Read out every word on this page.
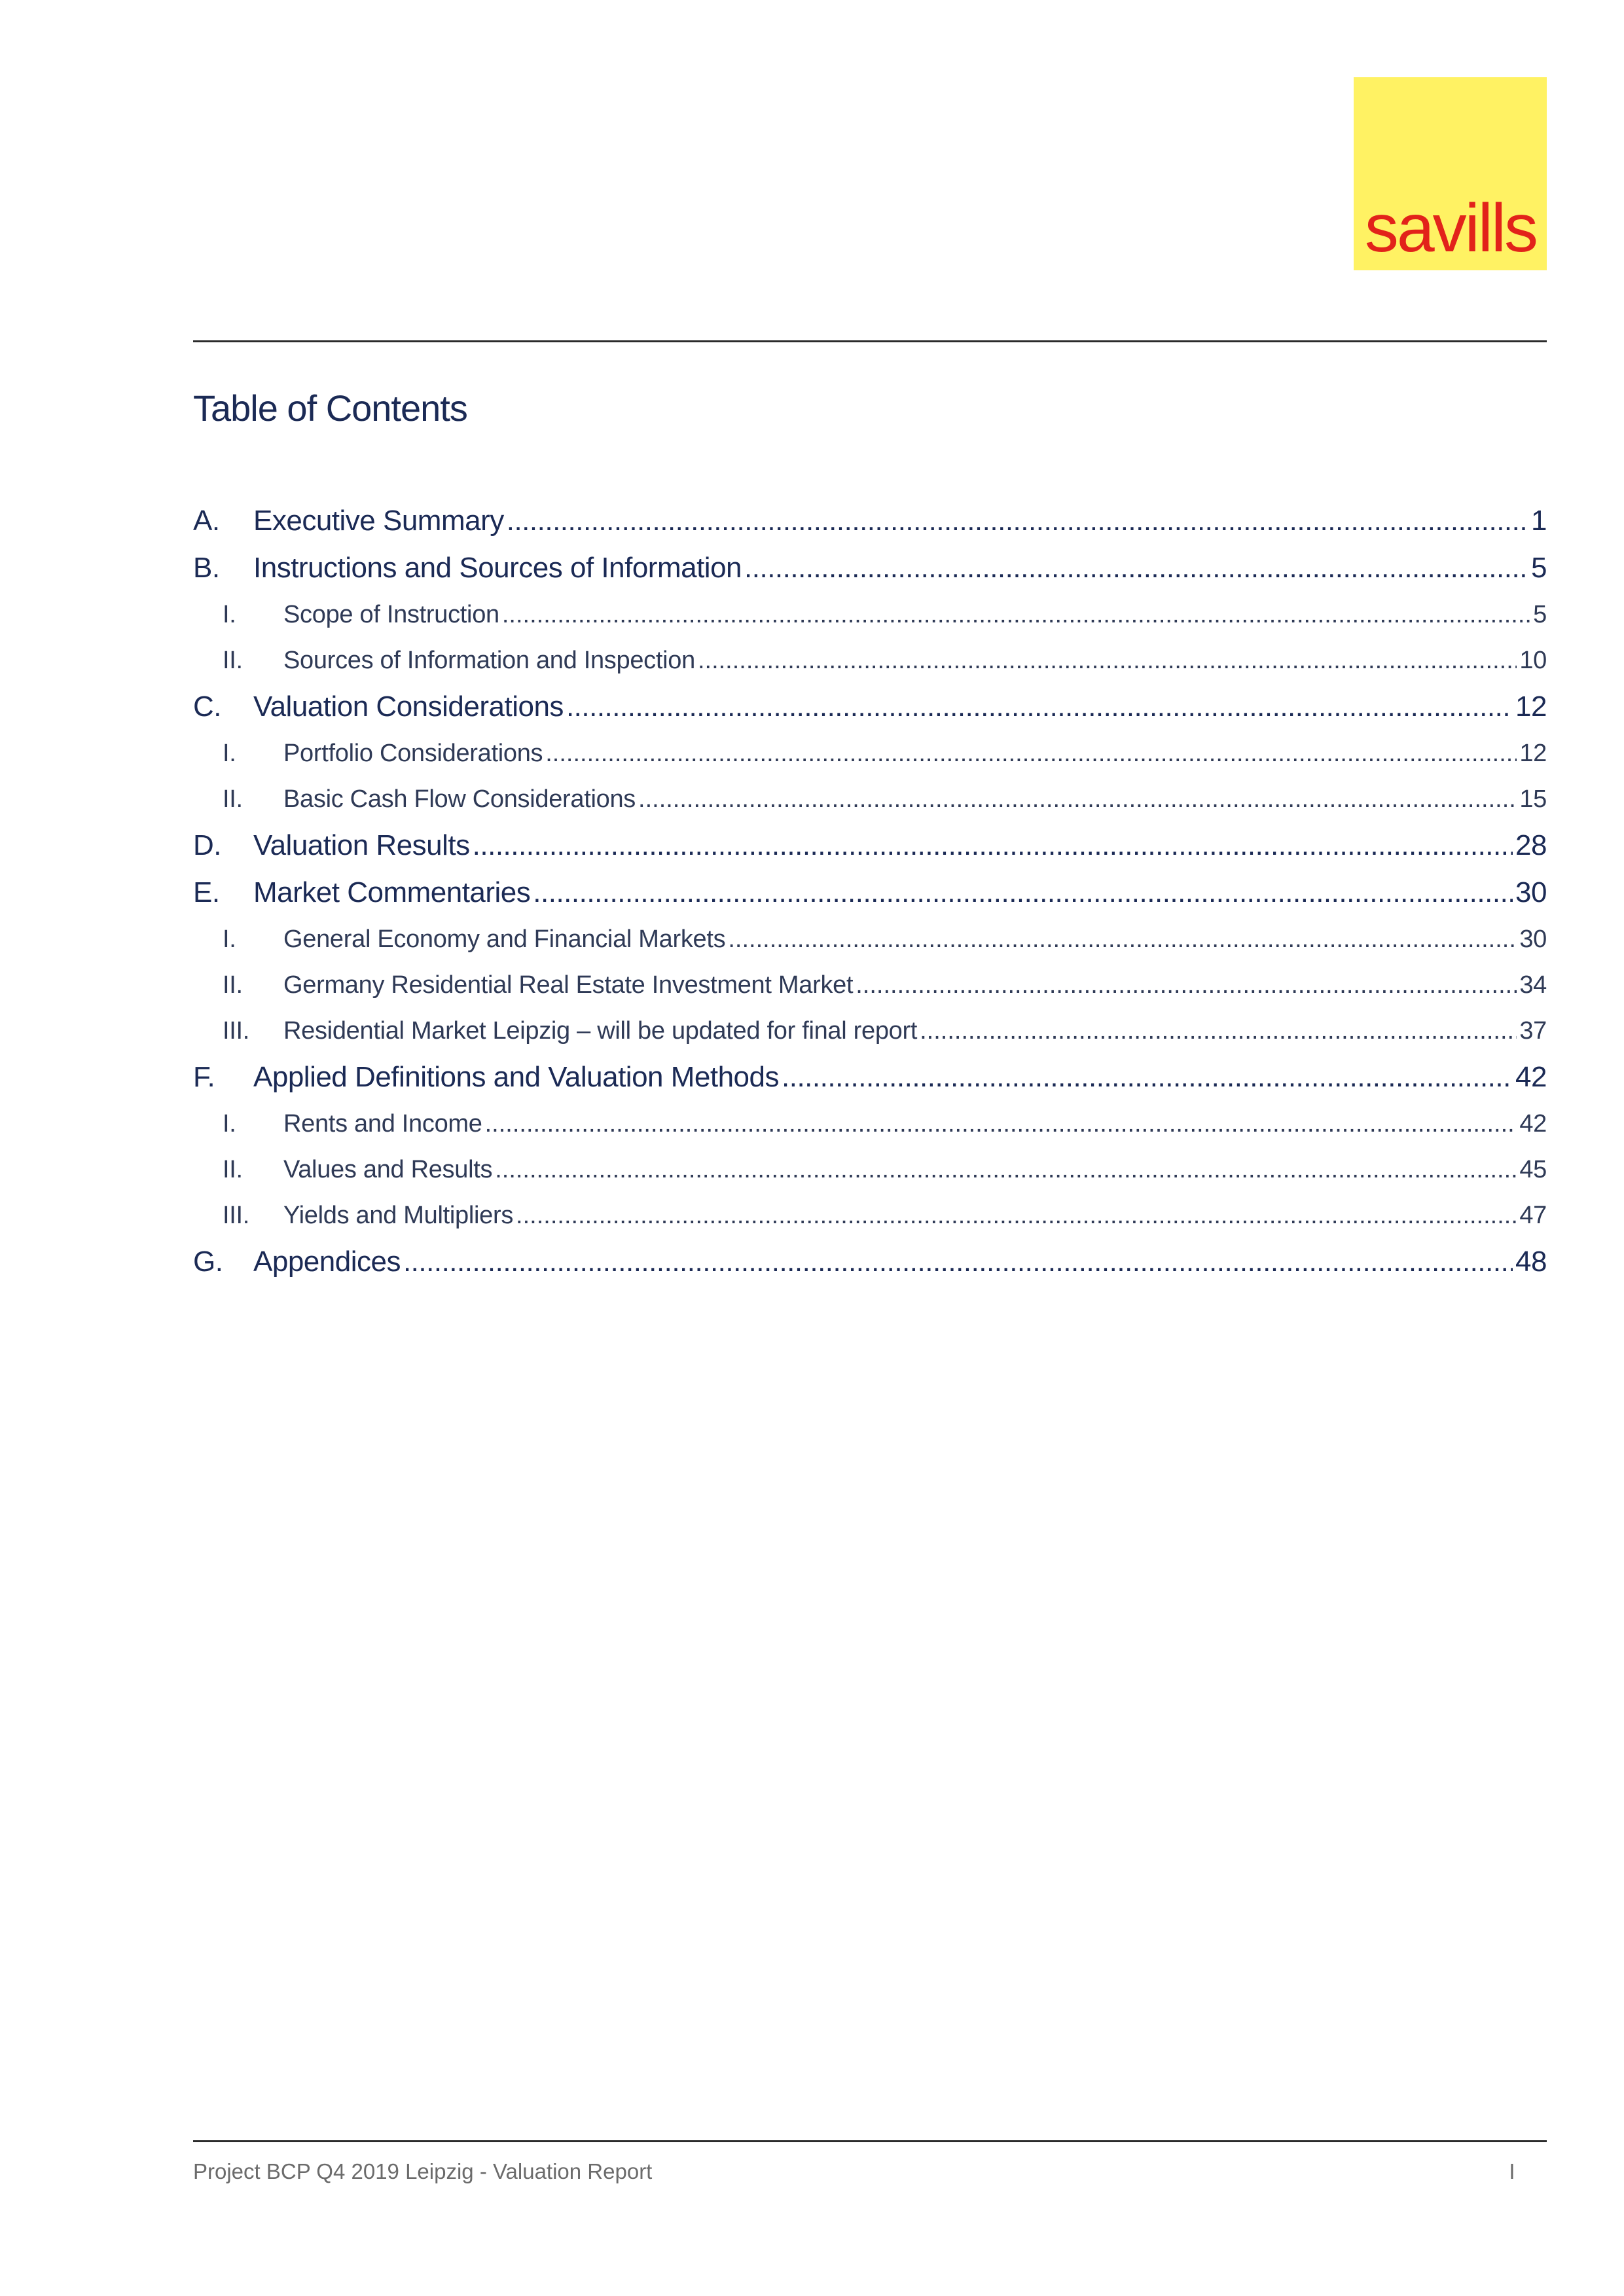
savills
Table of Contents
A. Executive Summary .....	1
B. Instructions and Sources of Information .....	5
I. Scope of Instruction .....	5
II. Sources of Information and Inspection .....	10
C. Valuation Considerations .....	12
I. Portfolio Considerations .....	12
II. Basic Cash Flow Considerations .....	15
D. Valuation Results .....	28
E. Market Commentaries .....	30
I. General Economy and Financial Markets .....	30
II. Germany Residential Real Estate Investment Market .....	34
III. Residential Market Leipzig – will be updated for final report .....	37
F. Applied Definitions and Valuation Methods .....	42
I. Rents and Income .....	42
II. Values and Results .....	45
III. Yields and Multipliers .....	47
G. Appendices .....	48
Project BCP Q4 2019 Leipzig - Valuation Report	I
